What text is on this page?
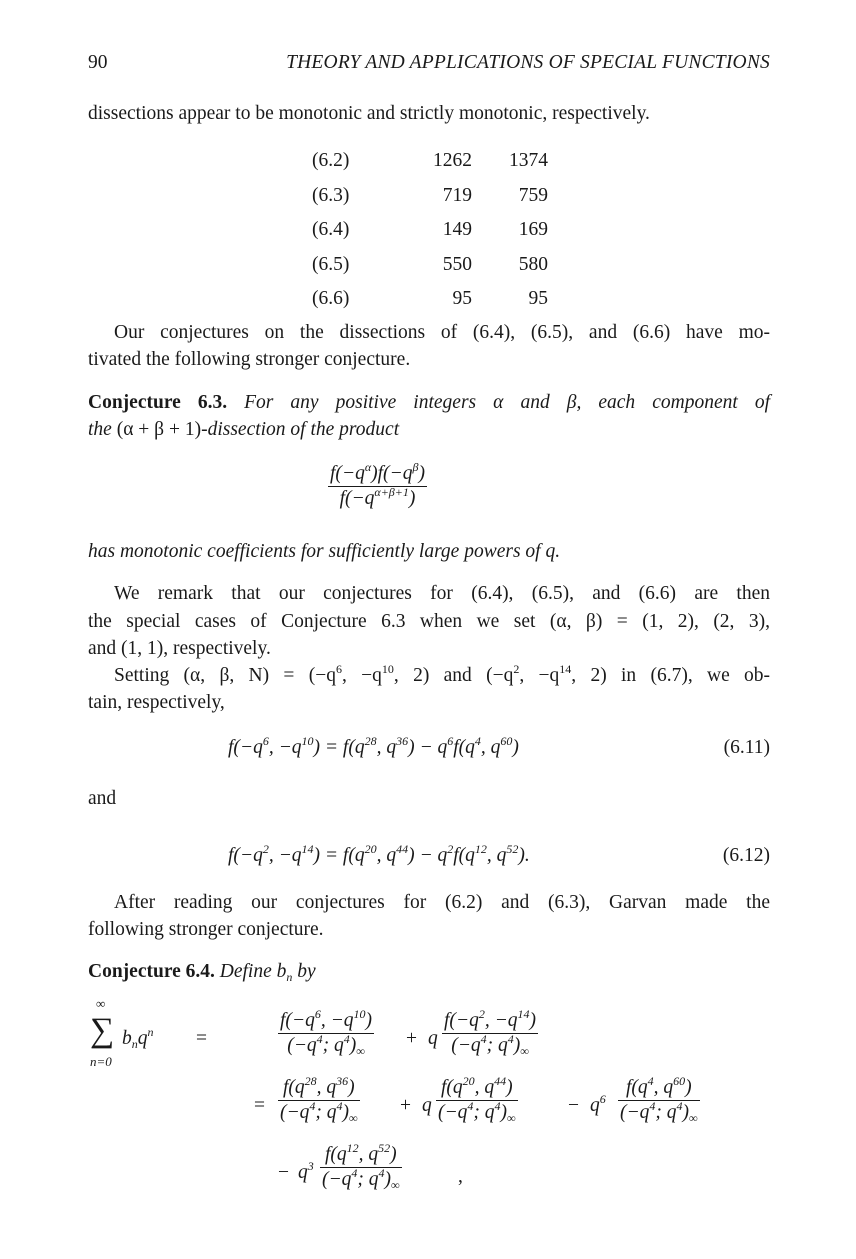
90	THEORY AND APPLICATIONS OF SPECIAL FUNCTIONS
dissections appear to be monotonic and strictly monotonic, respectively.
(6.2)	1262	1374
(6.3)	719	759
(6.4)	149	169
(6.5)	550	580
(6.6)	95	95
Our conjectures on the dissections of (6.4), (6.5), and (6.6) have mo-
tivated the following stronger conjecture.
Conjecture 6.3. For any positive integers α and β, each component of
the (α + β + 1)-dissection of the product
$f(-q^\alpha)f(-q^\beta)$
$f(-q^{\alpha+\beta+1})$
has monotonic coefficients for sufficiently large powers of q.
We remark that our conjectures for (6.4), (6.5), and (6.6) are then
the special cases of Conjecture 6.3 when we set (α, β) = (1, 2), (2, 3),
and (1, 1), respectively.
Setting (α, β, $N) = (-q^6$, $-q^{10}$, 2) and ($-q^2$, $-q^{14}$, 2) in (6.7), we ob-
tain, respectively,
$f(-q^6$, $-q^{10}) = f(q^{28}$, $q^{36}) - q^6f(q^4$, $q^{60}$)	(6.11)
and
$f(-q^2$, $-q^{14}) = f(q^{20}$, $q^{44}) - q^2f(q^{12}$, $q^{52}$).	(6.12)
After reading our conjectures for (6.2) and (6.3), Garvan made the
following stronger conjecture.
Conjecture 6.4. Define $b_n$ by
∞
∑
n=0
$b_nq^n$ =
$f(-q^6$, $-q^{10}$)
($-q^4$; $q^4)_\infty$
+ q
$f(-q^2$, $-q^{14}$)
($-q^4$; $q^4)_\infty$
=
$f(q^{28}$, $q^{36}$)
($-q^4$; $q^4)_\infty$
+ q
$f(q^{20}$, $q^{44}$)
($-q^4$; $q^4)_\infty$
− $q^6$
$f(q^4$, $q^{60}$)
($-q^4$; $q^4)_\infty$
− $q^3$
$f(q^{12}$, $q^{52}$)
($-q^4$; $q^4)_\infty$	,
